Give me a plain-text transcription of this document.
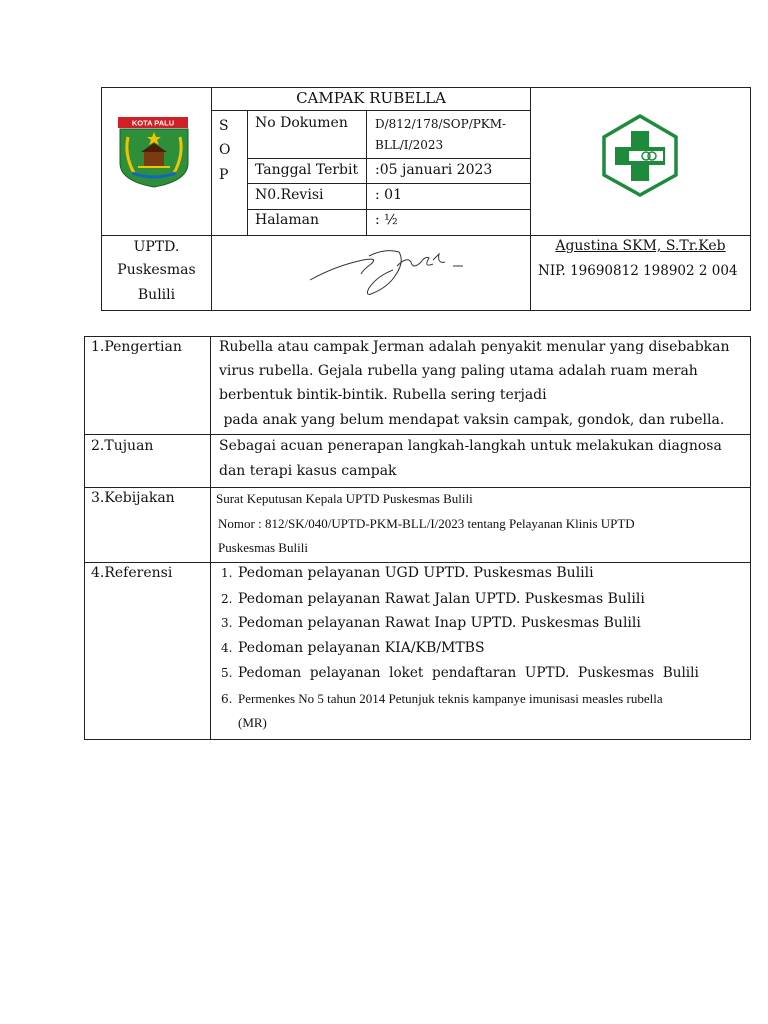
KOTA PALU
CAMPAK RUBELLA
S
O
P
No Dokumen D/812/178/SOP/PKM-
BLL/I/2023
Tanggal Terbit :05 januari 2023
N0.Revisi	: 01
Halaman	: ½
UPTD.
Puskesmas
Bulili
Agustina SKM, S.Tr.Keb
NIP. 19690812 198902 2 004
1.Pengertian	Rubella atau campak Jerman adalah penyakit menular yang disebabkan
virus rubella. Gejala rubella yang paling utama adalah ruam merah
berbentuk bintik-bintik. Rubella sering terjadi
pada anak yang belum mendapat vaksin campak, gondok, dan rubella.
2.Tujuan	Sebagai acuan penerapan langkah-langkah untuk melakukan diagnosa
dan terapi kasus campak
3.Kebijakan	Surat Keputusan Kepala UPTD Puskesmas Bulili
Nomor : 812/SK/040/UPTD-PKM-BLL/I/2023 tentang Pelayanan Klinis UPTD
Puskesmas Bulili
4.Referensi	1. Pedoman pelayanan UGD UPTD. Puskesmas Bulili
2. Pedoman pelayanan Rawat Jalan UPTD. Puskesmas Bulili
3. Pedoman pelayanan Rawat Inap UPTD. Puskesmas Bulili
4. Pedoman pelayanan KIA/KB/MTBS
5. Pedoman  pelayanan  loket  pendaftaran  UPTD.  Puskesmas  Bulili
6. Permenkes No 5 tahun 2014 Petunjuk teknis kampanye imunisasi measles rubella
(MR)
